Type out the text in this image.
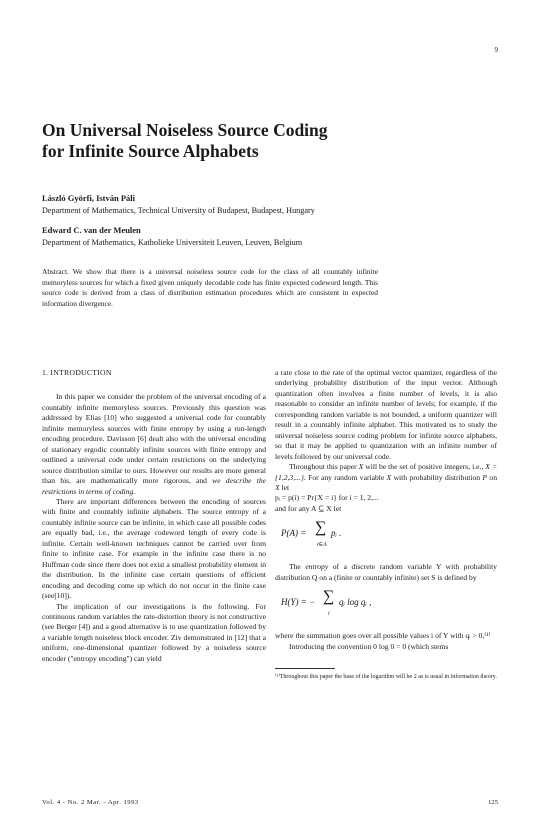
9
On Universal Noiseless Source Coding
for Infinite Source Alphabets
László Györfi, István Páli
Department of Mathematics, Technical University of Budapest, Budapest, Hungary
Edward C. van der Meulen
Department of Mathematics, Katholieke Universiteit Leuven, Leuven, Belgium
Abstract. We show that there is a universal noiseless source code for the class of all countably infinite memoryless sources for which a fixed given uniquely decodable code has finite expected codeword length. This source code is derived from a class of distribution estimation procedures which are consistent in expected information divergence.
1. INTRODUCTION

In this paper we consider the problem of the universal encoding of a countably infinite memoryless sources. Previously this question was addressed by Elias [10] who suggested a universal code for countably infinite memoryless sources with finite entropy by using a run-length encoding procedure. Davisson [6] dealt also with the universal encoding of stationary ergodic countably infinite sources with finite entropy and outlined a universal code under certain restrictions on the underlying source distribution similar to ours. However our results are more general than his, are mathematically more rigorous, and we describe the restrictions in terms of coding.

There are important differences between the encoding of sources with finite and countably infinite alphabets. The source entropy of a countably infinite source can be infinite, in which case all possible codes are equally bad, i.e., the average codeword length of every code is infinite. Certain well-known techniques cannot be carried over from finite to infinite case. For example in the infinite case there is no Huffman code since there does not exist a smallest probability element in the distribution. In the infinite case certain questions of efficient encoding and decoding come up which do not occur in the finite case (see[10]).

The implication of our investigations is the following. For continuous random variables the rate-distortion theory is not constructive (see Berger [4]) and a good alternative is to use quantization followed by a variable length noiseless block encoder. Ziv demonstrated in [12] that a uniform, one-dimensional quantizer followed by a noiseless source encoder ("entropy encoding") can yield

a rate close to the rate of the optimal vector quantizer, regardless of the underlying probability distribution of the input vector. Although quantization often involves a finite number of levels, it is also reasonable to consider an infinite number of levels; for example, if the corresponding random variable is not bounded, a uniform quantizer will result in a countably infinite alphabet. This motivated us to study the universal noiseless source coding problem for infinite source alphabets, so that it may be applied to quantization with an infinite number of levels followed by our universal code.

Throughout this paper X will be the set of positive integers, i.e., X = {1,2,3,...}. For any random variable X with probability distribution P on X let

pᵢ = p(i) = Pr{X = i} for i = 1, 2,...

and for any A ⊆ X let

P(A) = ∑
i∈A
pᵢ .

The entropy of a discrete random variable Y with probability distribution Q on a (finite or countably infinite) set S is defined by

H(Y) = − ∑
i
qᵢ log qᵢ ,

where the summation goes over all possible values i of Y with qᵢ > 0,⁽¹⁾

Introducing the convention 0 log 0 = 0 (which stems

⁽¹⁾Throughout this paper the base of the logarithm will be 2 as is usual in information theory.
Vol. 4 - No. 2 Mar. - Apr. 1993	125
